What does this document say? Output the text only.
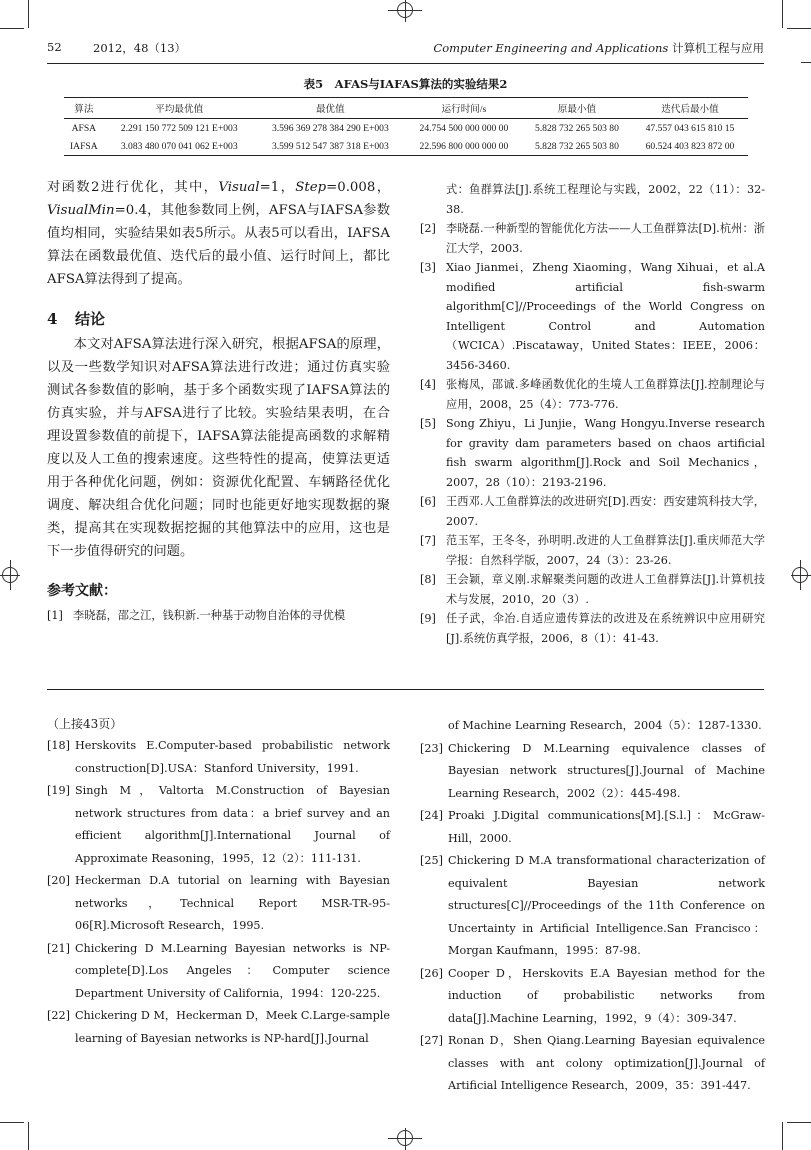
52	2012，48（13）	Computer Engineering and Applications 计算机工程与应用
表5　AFAS与IAFAS算法的实验结果2
算法	平均最优值	最优值	运行时间/s	原最小值	迭代后最小值
AFSA	2.291 150 772 509 121 E+003	3.596 369 278 384 290 E+003	24.754 500 000 000 00	5.828 732 265 503 80	47.557 043 615 810 15
IAFSA	3.083 480 070 041 062 E+003	3.599 512 547 387 318 E+003	22.596 800 000 000 00	5.828 732 265 503 80	60.524 403 823 872 00

对函数2进行优化，其中，Visual=1，Step=0.008，VisualMin=0.4，其他参数同上例，AFSA与IAFSA参数值均相同，实验结果如表5所示。从表5可以看出，IAFSA算法在函数最优值、迭代后的最小值、运行时间上，都比AFSA算法得到了提高。

4 结论

本文对AFSA算法进行深入研究，根据AFSA的原理，以及一些数学知识对AFSA算法进行改进；通过仿真实验测试各参数值的影响，基于多个函数实现了IAFSA算法的仿真实验，并与AFSA进行了比较。实验结果表明，在合理设置参数值的前提下，IAFSA算法能提高函数的求解精度以及人工鱼的搜索速度。这些特性的提高，使算法更适用于各种优化问题，例如：资源优化配置、车辆路径优化调度、解决组合优化问题；同时也能更好地实现数据的聚类，提高其在实现数据挖掘的其他算法中的应用，这也是下一步值得研究的问题。

参考文献：
[1] 李晓磊，邵之江，钱积新.一种基于动物自治体的寻优模
式：鱼群算法[J].系统工程理论与实践，2002，22（11）：32-38.
[2] 李晓磊.一种新型的智能优化方法——人工鱼群算法[D].杭州：浙江大学，2003.
[3] Xiao Jianmei，Zheng Xiaoming，Wang Xihuai，et al.A modified artificial fish-swarm algorithm[C]//Proceedings of the World Congress on Intelligent Control and Automation（WCICA）.Piscataway，United States：IEEE，2006：3456-3460.
[4] 张梅凤，邵诚.多峰函数优化的生境人工鱼群算法[J].控制理论与应用，2008，25（4）：773-776.
[5] Song Zhiyu，Li Junjie，Wang Hongyu.Inverse research for gravity dam parameters based on chaos artificial fish swarm algorithm[J].Rock and Soil Mechanics，2007，28（10）：2193-2196.
[6] 王西邓.人工鱼群算法的改进研究[D].西安：西安建筑科技大学，2007.
[7] 范玉军，王冬冬，孙明明.改进的人工鱼群算法[J].重庆师范大学学报：自然科学版，2007，24（3）：23-26.
[8] 王会颖，章义刚.求解聚类问题的改进人工鱼群算法[J].计算机技术与发展，2010，20（3）.
[9] 任子武，伞冶.自适应遗传算法的改进及在系统辨识中应用研究[J].系统仿真学报，2006，8（1）：41-43.
（上接43页）
[18] Herskovits E.Computer-based probabilistic network construction[D].USA：Stanford University，1991.
[19] Singh M，Valtorta M.Construction of Bayesian network structures from data：a brief survey and an efficient algorithm[J].International Journal of Approximate Reasoning，1995，12（2）：111-131.
[20] Heckerman D.A tutorial on learning with Bayesian networks，Technical Report MSR-TR-95-06[R].Microsoft Research，1995.
[21] Chickering D M.Learning Bayesian networks is NP-complete[D].Los Angeles：Computer science Department University of California，1994：120-225.
[22] Chickering D M，Heckerman D，Meek C.Large-sample learning of Bayesian networks is NP-hard[J].Journal
of Machine Learning Research，2004（5）：1287-1330.
[23] Chickering D M.Learning equivalence classes of Bayesian network structures[J].Journal of Machine Learning Research，2002（2）：445-498.
[24] Proaki J.Digital communications[M].[S.l.]：McGraw-Hill，2000.
[25] Chickering D M.A transformational characterization of equivalent Bayesian network structures[C]//Proceedings of the 11th Conference on Uncertainty in Artificial Intelligence.San Francisco：Morgan Kaufmann，1995：87-98.
[26] Cooper D，Herskovits E.A Bayesian method for the induction of probabilistic networks from data[J].Machine Learning，1992，9（4）：309-347.
[27] Ronan D，Shen Qiang.Learning Bayesian equivalence classes with ant colony optimization[J].Journal of Artificial Intelligence Research，2009，35：391-447.
